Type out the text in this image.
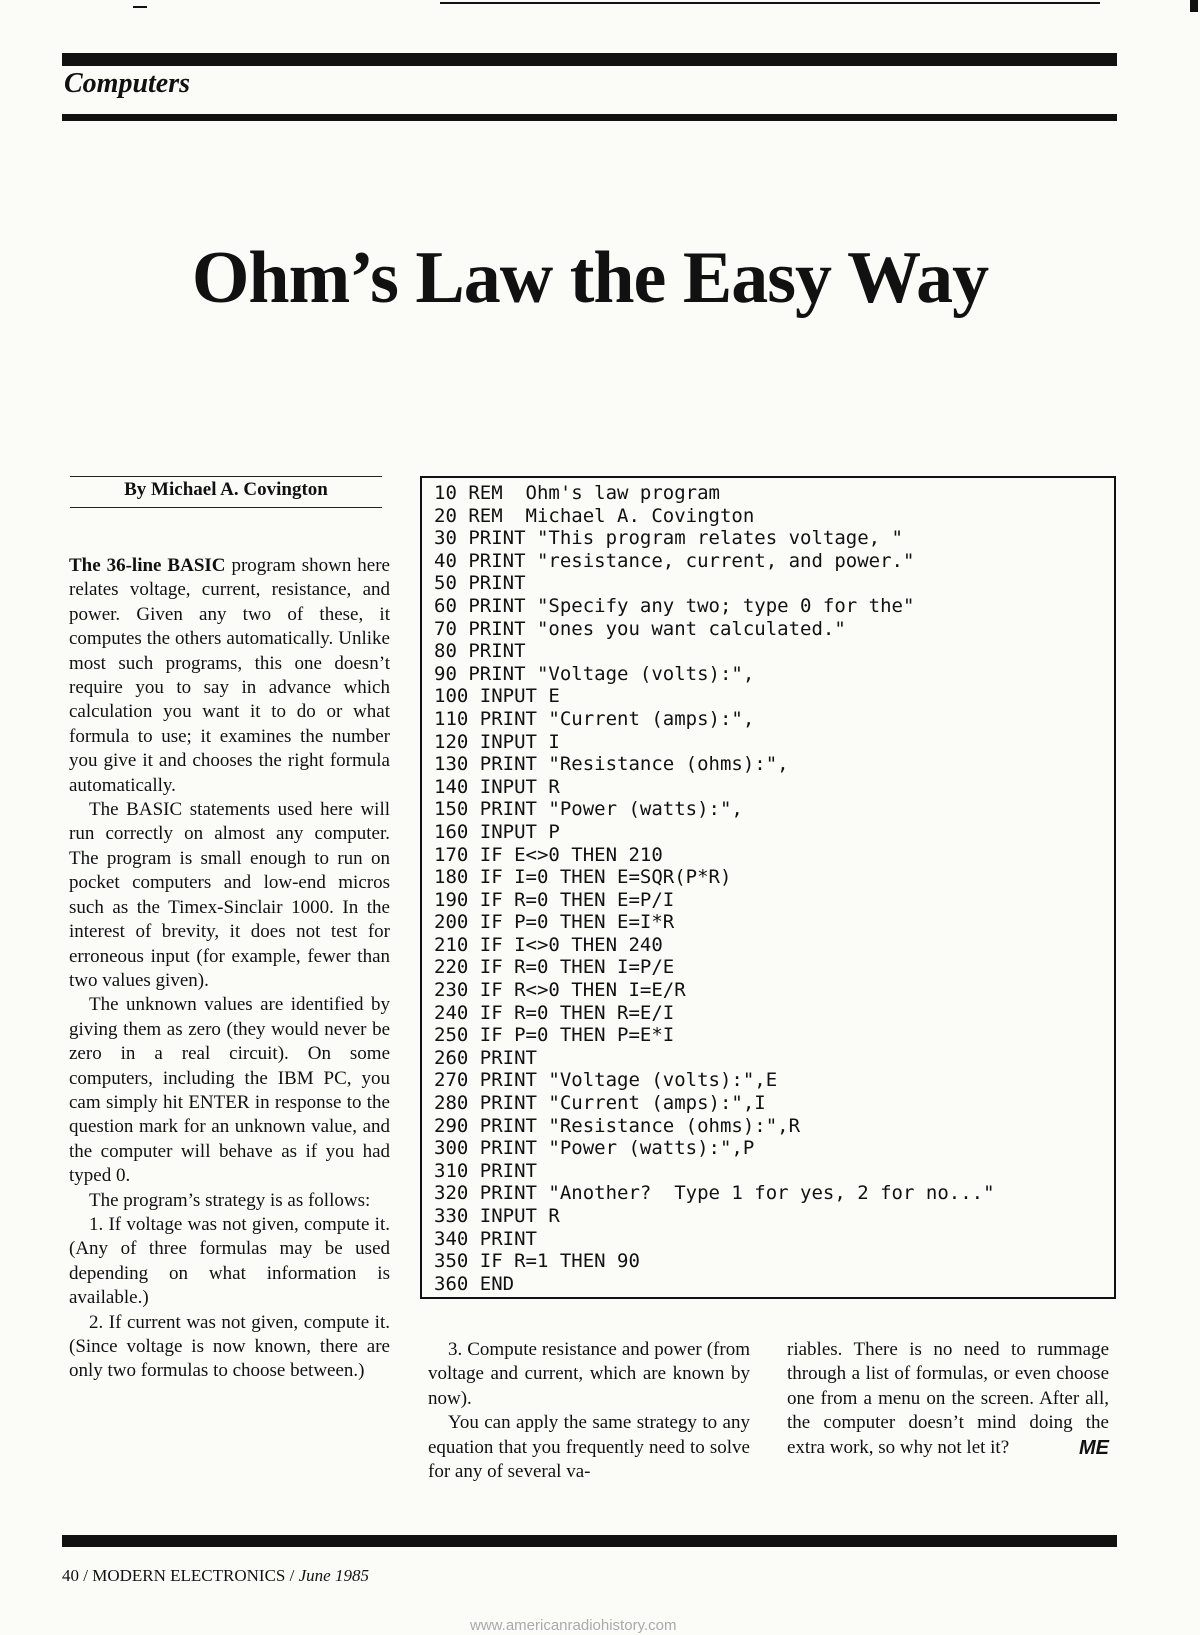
Computers
Ohm’s Law the Easy Way
By Michael A. Covington

The 36-line BASIC program shown here relates voltage, current, resistance, and power. Given any two of these, it computes the others automatically. Unlike most such programs, this one doesn’t require you to say in advance which calculation you want it to do or what formula to use; it examines the number you give it and chooses the right formula automatically.

The BASIC statements used here will run correctly on almost any computer. The program is small enough to run on pocket computers and low-end micros such as the Timex-Sinclair 1000. In the interest of brevity, it does not test for erroneous input (for example, fewer than two values given).

The unknown values are identified by giving them as zero (they would never be zero in a real circuit). On some computers, including the IBM PC, you cam simply hit ENTER in response to the question mark for an unknown value, and the computer will behave as if you had typed 0.

The program’s strategy is as follows:

1. If voltage was not given, compute it. (Any of three formulas may be used depending on what information is available.)

2. If current was not given, compute it. (Since voltage is now known, there are only two formulas to choose between.)

10 REM  Ohm's law program
20 REM  Michael A. Covington
30 PRINT "This program relates voltage, "
40 PRINT "resistance, current, and power."
50 PRINT
60 PRINT "Specify any two; type 0 for the"
70 PRINT "ones you want calculated."
80 PRINT
90 PRINT "Voltage (volts):",
100 INPUT E
110 PRINT "Current (amps):",
120 INPUT I
130 PRINT "Resistance (ohms):",
140 INPUT R
150 PRINT "Power (watts):",
160 INPUT P
170 IF E<>0 THEN 210
180 IF I=0 THEN E=SQR(P*R)
190 IF R=0 THEN E=P/I
200 IF P=0 THEN E=I*R
210 IF I<>0 THEN 240
220 IF R=0 THEN I=P/E
230 IF R<>0 THEN I=E/R
240 IF R=0 THEN R=E/I
250 IF P=0 THEN P=E*I
260 PRINT
270 PRINT "Voltage (volts):",E
280 PRINT "Current (amps):",I
290 PRINT "Resistance (ohms):",R
300 PRINT "Power (watts):",P
310 PRINT
320 PRINT "Another?  Type 1 for yes, 2 for no..."
330 INPUT R
340 PRINT
350 IF R=1 THEN 90
360 END

3. Compute resistance and power (from voltage and current, which are known by now).

You can apply the same strategy to any equation that you frequently need to solve for any of several va-

riables. There is no need to rummage through a list of formulas, or even choose one from a menu on the screen. After all, the computer doesn’t mind doing the extra work, so why not let it?	ME

40 / MODERN ELECTRONICS / June 1985
www.americanradiohistory.com
